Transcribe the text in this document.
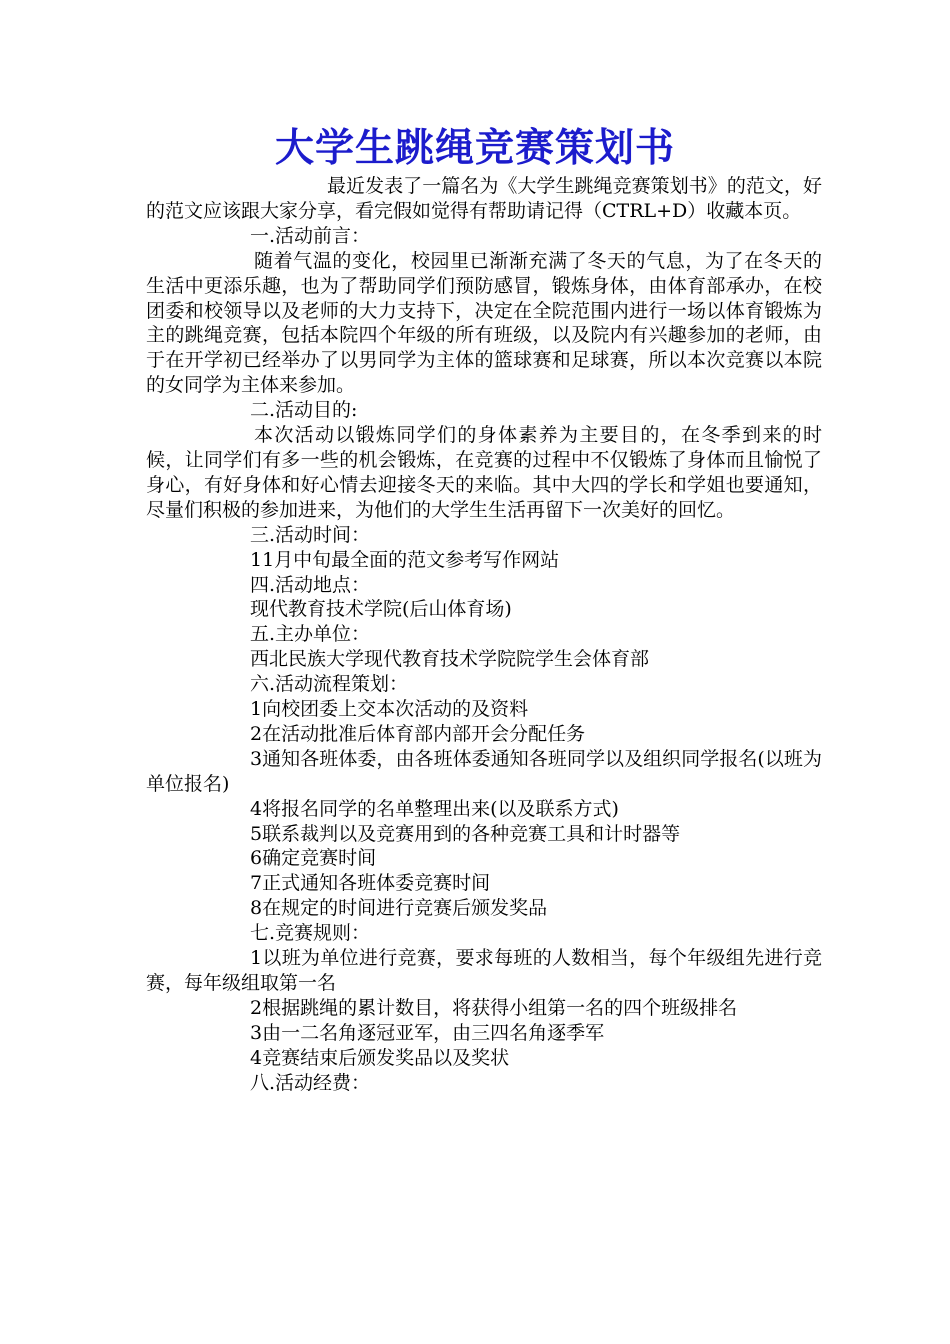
大学生跳绳竞赛策划书

最近发表了一篇名为《大学生跳绳竞赛策划书》的范文，好的范文应该跟大家分享，看完假如觉得有帮助请记得（CTRL+D）收藏本页。

一.活动前言：

随着气温的变化，校园里已渐渐充满了冬天的气息，为了在冬天的生活中更添乐趣，也为了帮助同学们预防感冒，锻炼身体，由体育部承办，在校团委和校领导以及老师的大力支持下，决定在全院范围内进行一场以体育锻炼为主的跳绳竞赛，包括本院四个年级的所有班级，以及院内有兴趣参加的老师，由于在开学初已经举办了以男同学为主体的篮球赛和足球赛，所以本次竞赛以本院的女同学为主体来参加。

二.活动目的:

本次活动以锻炼同学们的身体素养为主要目的，在冬季到来的时候，让同学们有多一些的机会锻炼，在竞赛的过程中不仅锻炼了身体而且愉悦了身心，有好身体和好心情去迎接冬天的来临。其中大四的学长和学姐也要通知，尽量们积极的参加进来，为他们的大学生生活再留下一次美好的回忆。

三.活动时间：

11月中旬最全面的范文参考写作网站

四.活动地点：

现代教育技术学院(后山体育场)

五.主办单位：

西北民族大学现代教育技术学院院学生会体育部

六.活动流程策划：

1向校团委上交本次活动的及资料

2在活动批准后体育部内部开会分配任务

3通知各班体委，由各班体委通知各班同学以及组织同学报名(以班为单位报名)

4将报名同学的名单整理出来(以及联系方式)

5联系裁判以及竞赛用到的各种竞赛工具和计时器等

6确定竞赛时间

7正式通知各班体委竞赛时间

8在规定的时间进行竞赛后颁发奖品

七.竞赛规则：

1以班为单位进行竞赛，要求每班的人数相当，每个年级组先进行竞赛，每年级组取第一名

2根据跳绳的累计数目，将获得小组第一名的四个班级排名

3由一二名角逐冠亚军，由三四名角逐季军

4竞赛结束后颁发奖品以及奖状

八.活动经费：
